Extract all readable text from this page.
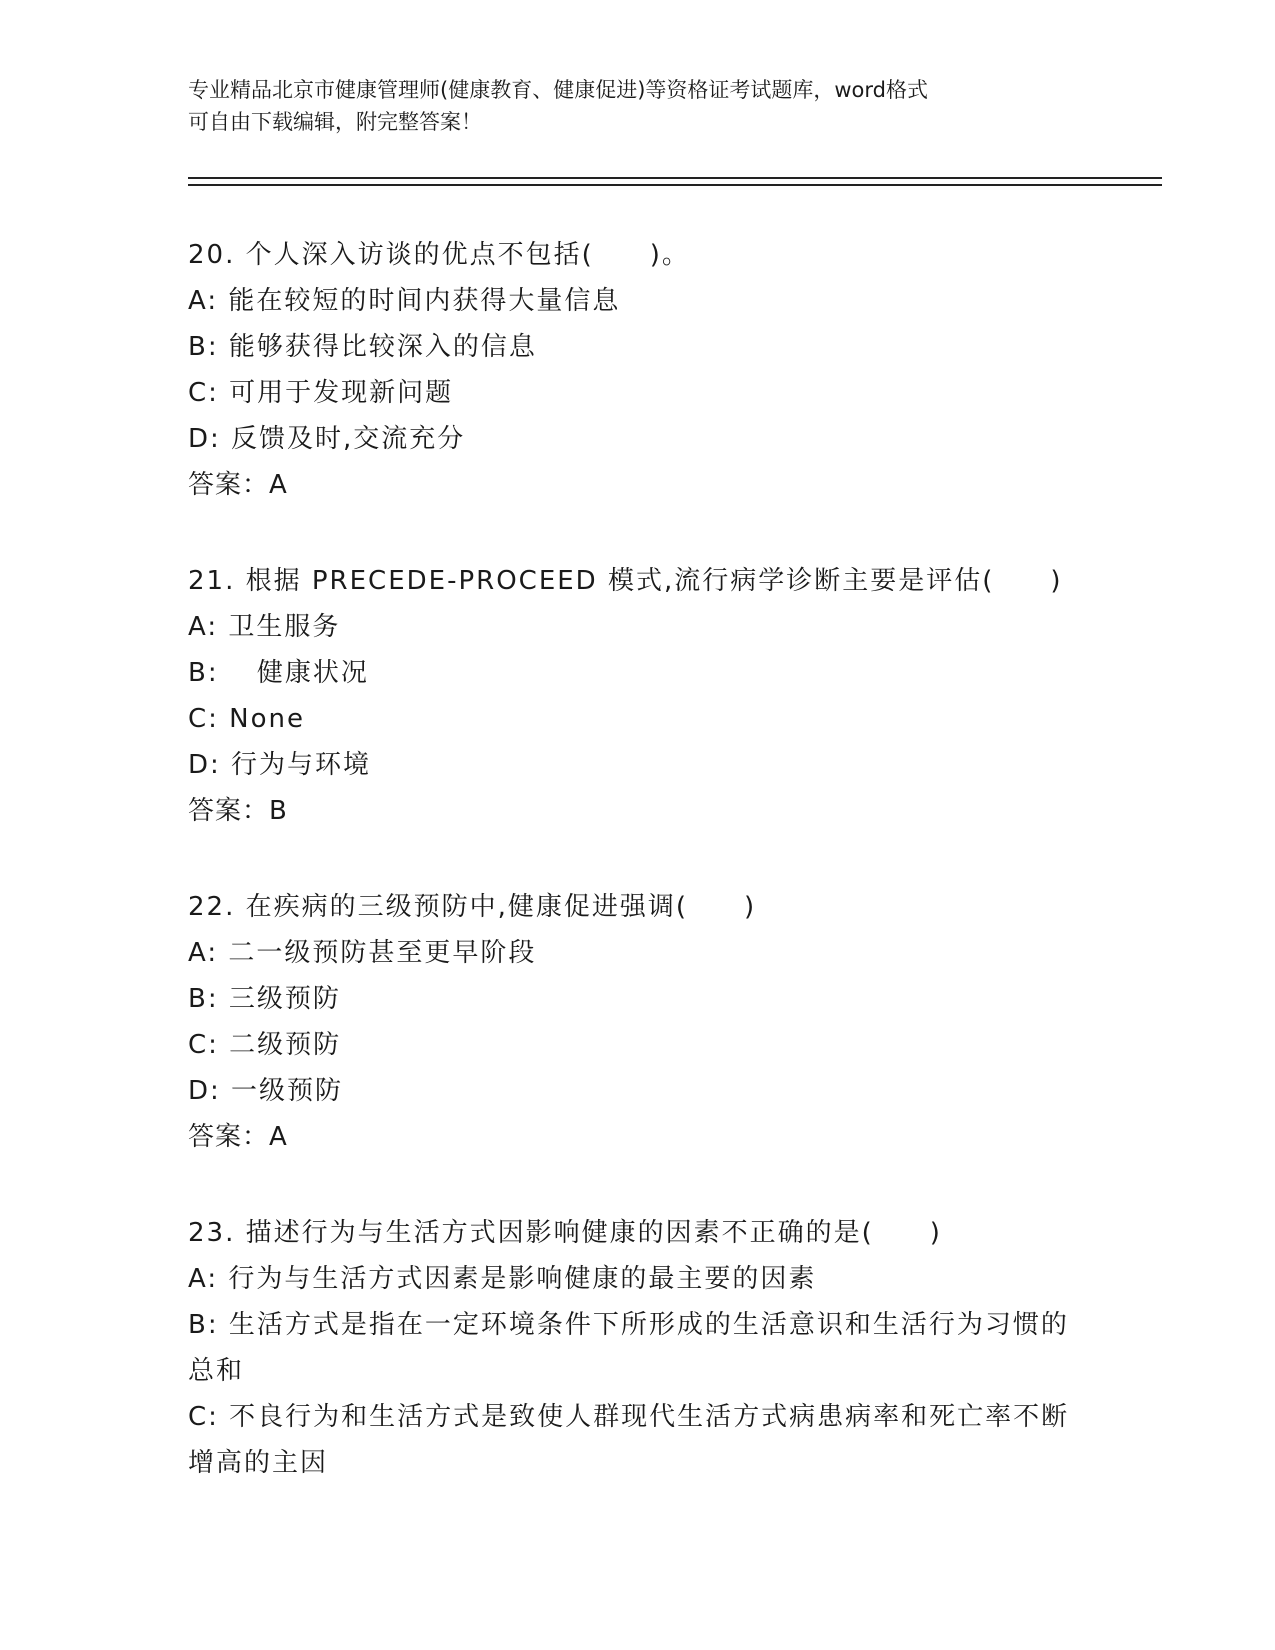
专业精品北京市健康管理师(健康教育、健康促进)等资格证考试题库，word格式
可自由下载编辑，附完整答案！
20. 个人深入访谈的优点不包括(　　)。
A: 能在较短的时间内获得大量信息
B: 能够获得比较深入的信息
C: 可用于发现新问题
D: 反馈及时,交流充分
答案：A
21. 根据 PRECEDE-PROCEED 模式,流行病学诊断主要是评估(　　)
A: 卫生服务
B: 　健康状况
C: None
D: 行为与环境
答案：B
22. 在疾病的三级预防中,健康促进强调(　　)
A: 二一级预防甚至更早阶段
B: 三级预防
C: 二级预防
D: 一级预防
答案：A
23. 描述行为与生活方式因影响健康的因素不正确的是(　　)
A: 行为与生活方式因素是影响健康的最主要的因素
B: 生活方式是指在一定环境条件下所形成的生活意识和生活行为习惯的总和
C: 不良行为和生活方式是致使人群现代生活方式病患病率和死亡率不断增高的主因
